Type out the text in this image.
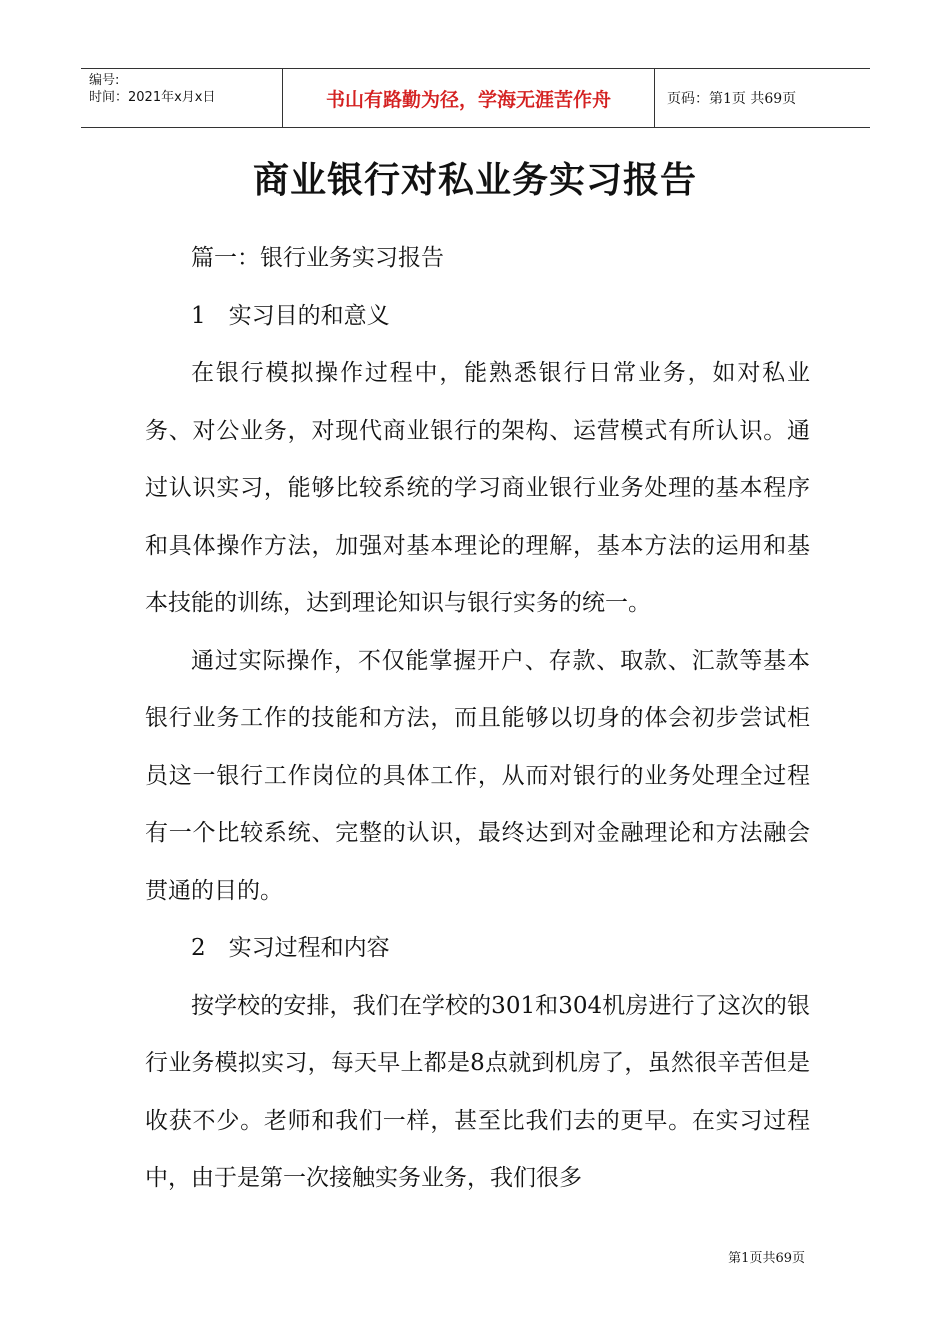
编号:
时间：2021年x月x日	书山有路勤为径，学海无涯苦作舟	页码：第1页 共69页
商业银行对私业务实习报告

篇一：银行业务实习报告

1　实习目的和意义

在银行模拟操作过程中，能熟悉银行日常业务，如对私业务、对公业务，对现代商业银行的架构、运营模式有所认识。通过认识实习，能够比较系统的学习商业银行业务处理的基本程序和具体操作方法，加强对基本理论的理解，基本方法的运用和基本技能的训练，达到理论知识与银行实务的统一。

通过实际操作，不仅能掌握开户、存款、取款、汇款等基本银行业务工作的技能和方法，而且能够以切身的体会初步尝试柜员这一银行工作岗位的具体工作，从而对银行的业务处理全过程有一个比较系统、完整的认识，最终达到对金融理论和方法融会贯通的目的。

2　实习过程和内容

按学校的安排，我们在学校的301和304机房进行了这次的银行业务模拟实习，每天早上都是8点就到机房了，虽然很辛苦但是收获不少。老师和我们一样，甚至比我们去的更早。在实习过程中，由于是第一次接触实务业务，我们很多

第1页共69页
